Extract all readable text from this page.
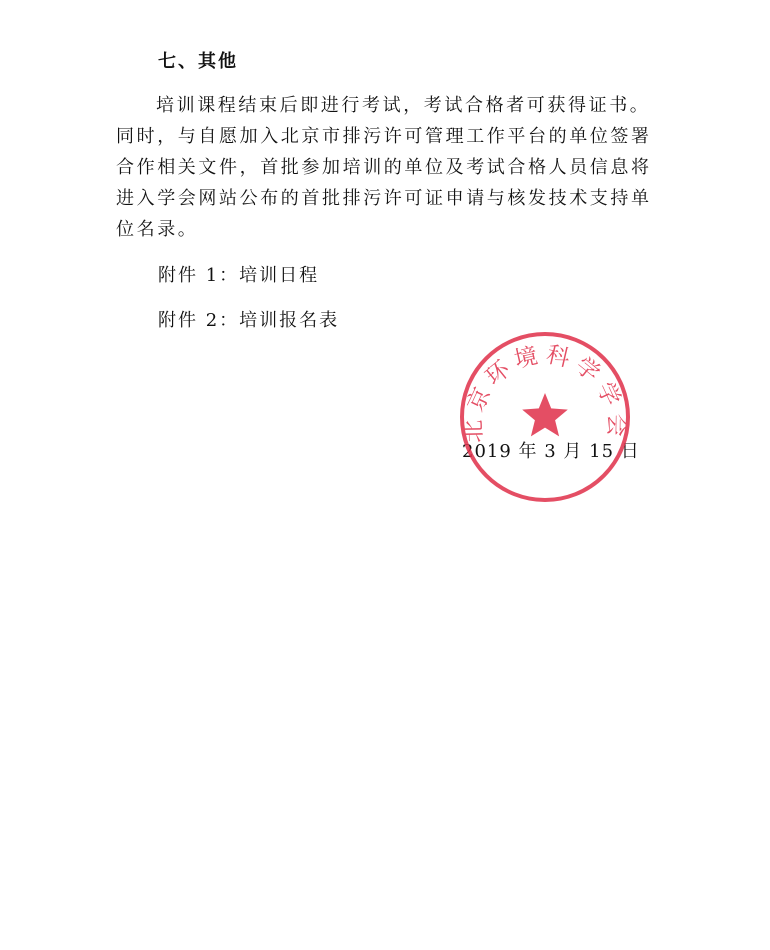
七、其他
培训课程结束后即进行考试，考试合格者可获得证书。同时，与自愿加入北京市排污许可管理工作平台的单位签署合作相关文件，首批参加培训的单位及考试合格人员信息将进入学会网站公布的首批排污许可证申请与核发技术支持单位名录。
附件 1：培训日程
附件 2：培训报名表
2019 年 3 月 15 日
北京环境科学学会
